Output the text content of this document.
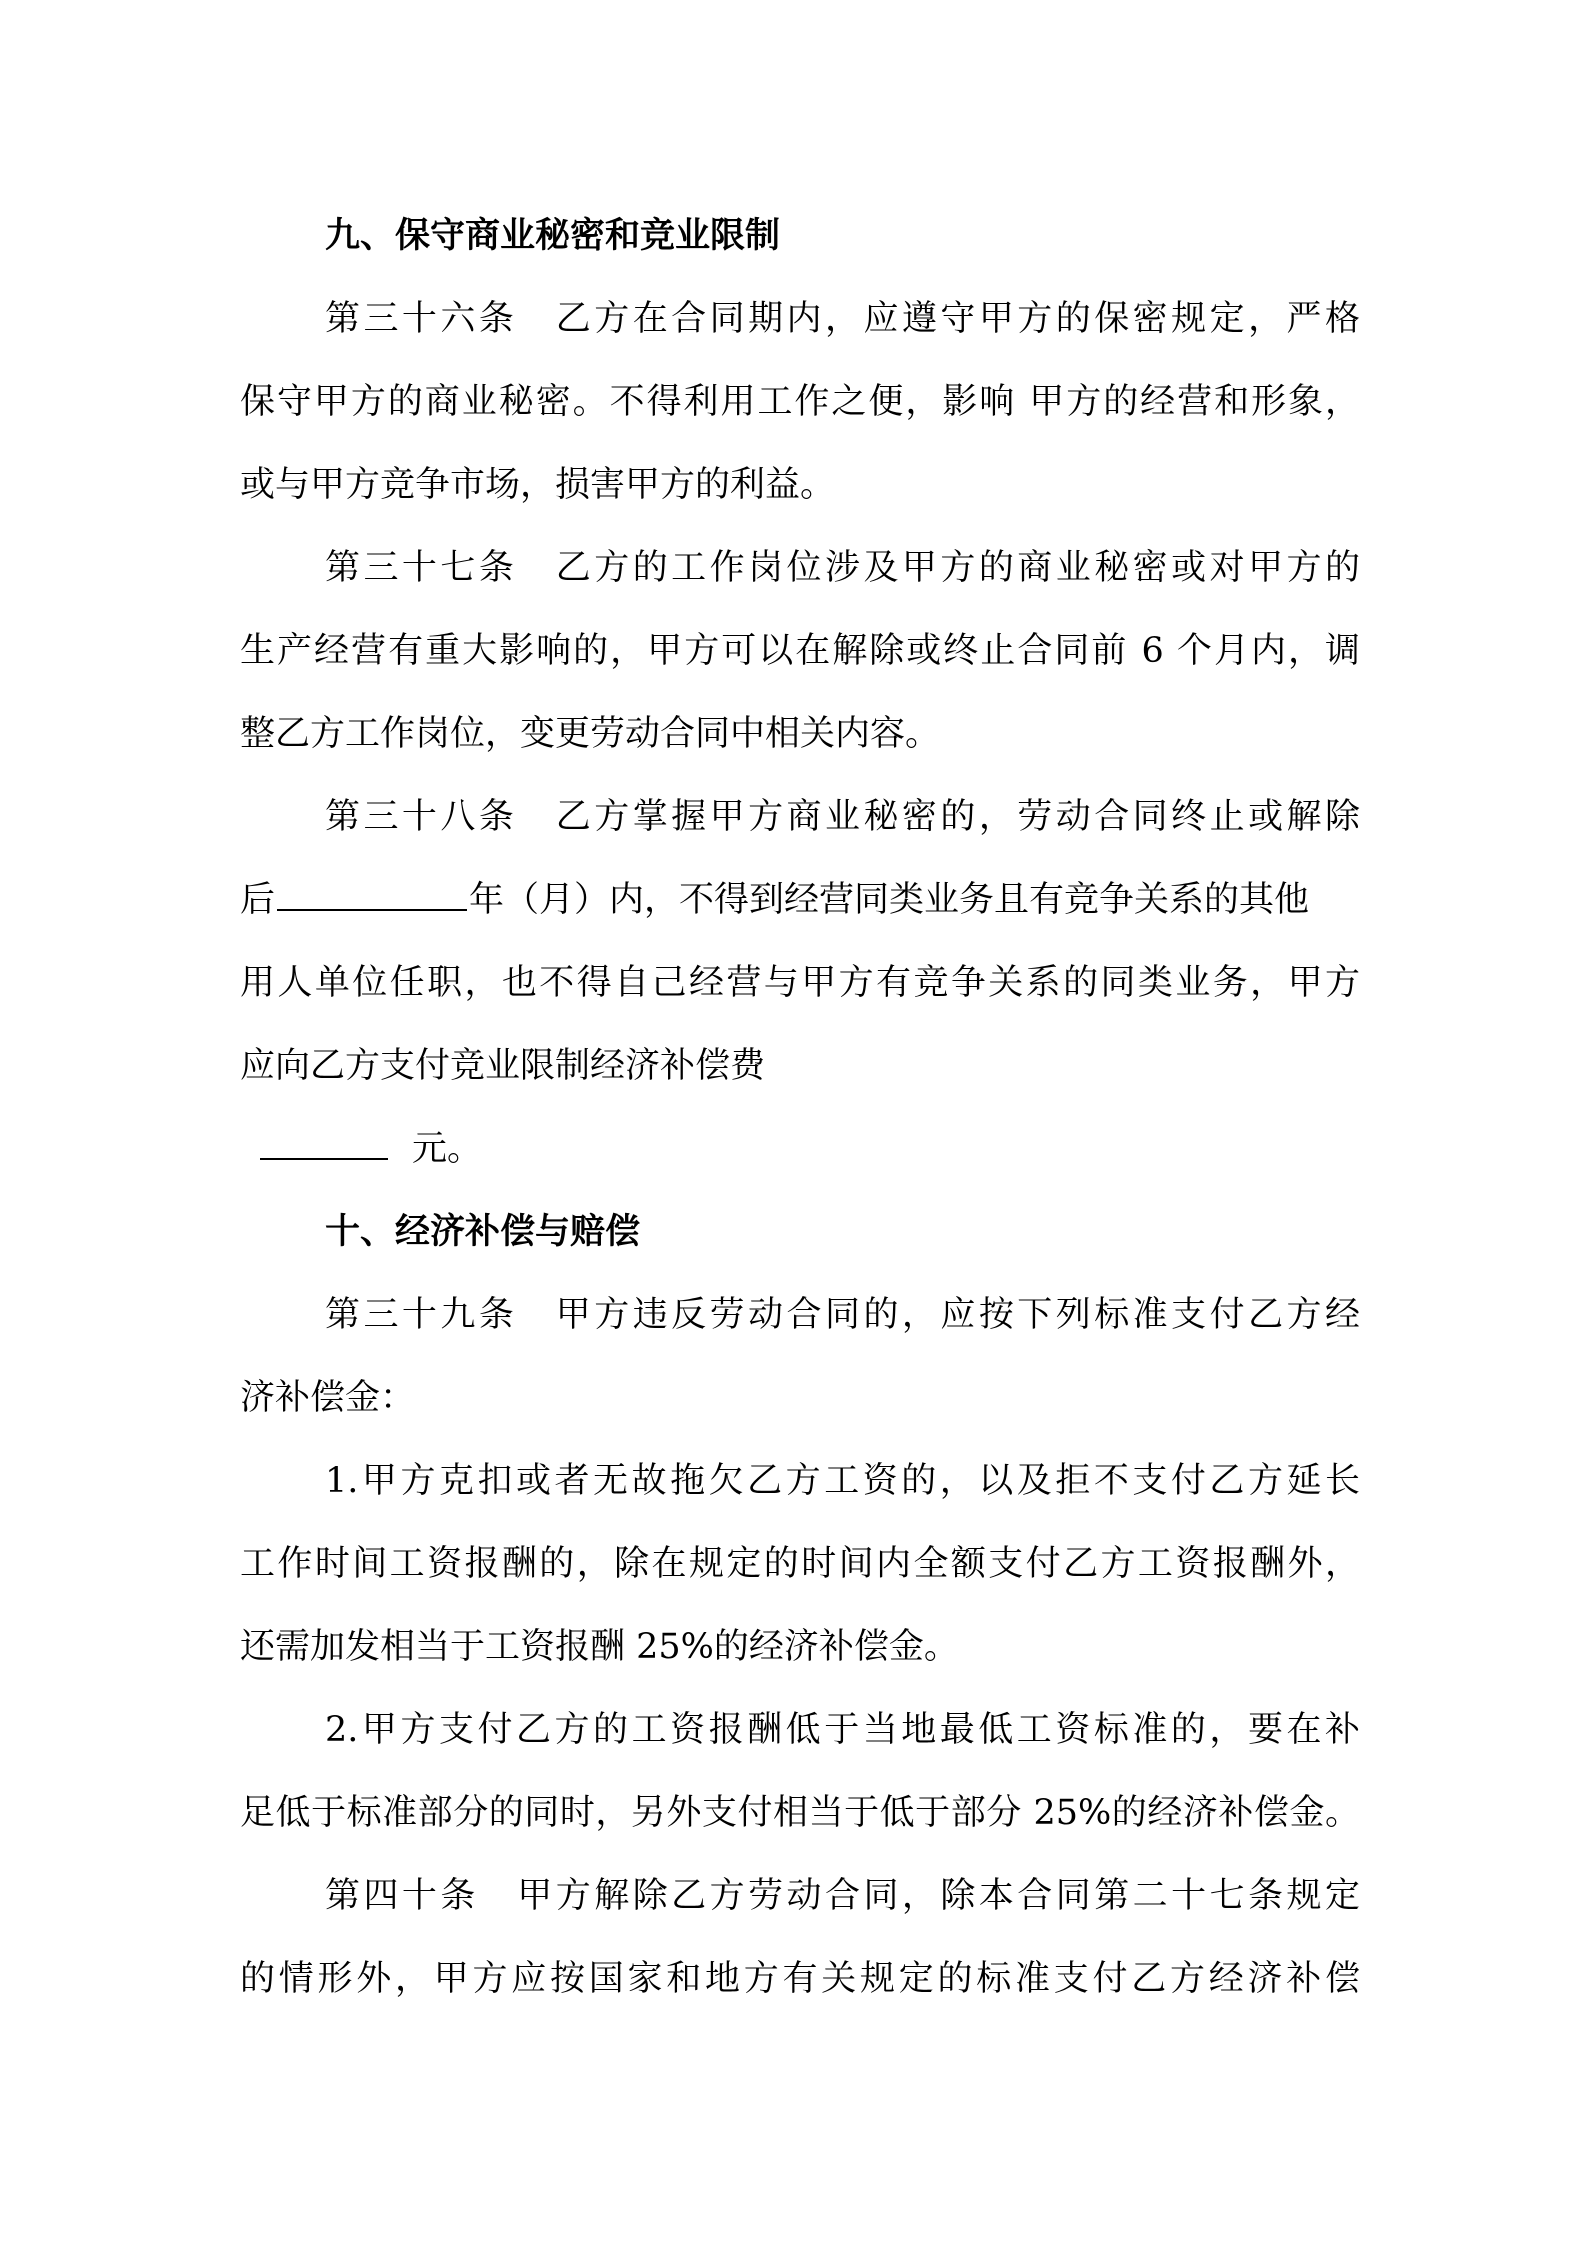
九、保守商业秘密和竞业限制
第三十六条　乙方在合同期内，应遵守甲方的保密规定，严格
保守甲方的商业秘密。不得利用工作之便，影响 甲方的经营和形象，
或与甲方竞争市场，损害甲方的利益。
第三十七条　乙方的工作岗位涉及甲方的商业秘密或对甲方的
生产经营有重大影响的，甲方可以在解除或终止合同前 6 个月内，调
整乙方工作岗位，变更劳动合同中相关内容。
第三十八条　乙方掌握甲方商业秘密的，劳动合同终止或解除
后	年（月）内，不得到经营同类业务且有竞争关系的其他
用人单位任职，也不得自己经营与甲方有竞争关系的同类业务，甲方
应向乙方支付竞业限制经济补偿费
元。
十、经济补偿与赔偿
第三十九条　甲方违反劳动合同的，应按下列标准支付乙方经
济补偿金：
1.甲方克扣或者无故拖欠乙方工资的，以及拒不支付乙方延长
工作时间工资报酬的，除在规定的时间内全额支付乙方工资报酬外，
还需加发相当于工资报酬 25%的经济补偿金。
2.甲方支付乙方的工资报酬低于当地最低工资标准的，要在补
足低于标准部分的同时，另外支付相当于低于部分 25%的经济补偿金。
第四十条　甲方解除乙方劳动合同，除本合同第二十七条规定
的情形外，甲方应按国家和地方有关规定的标准支付乙方经济补偿
